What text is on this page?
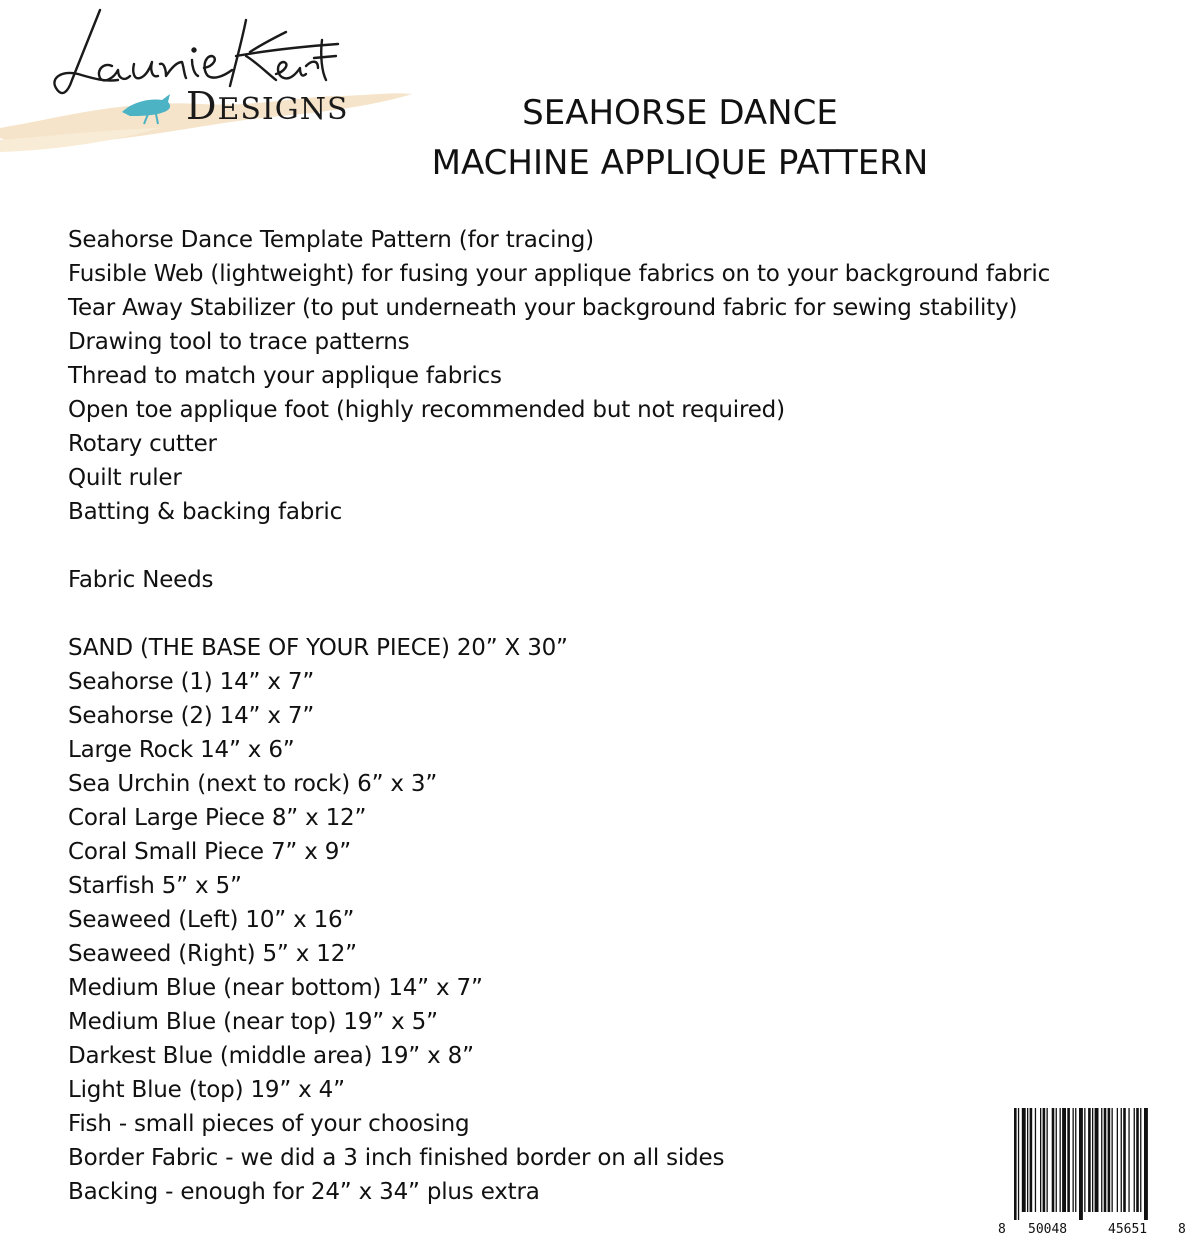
DESIGNS	SEAHORSE DANCE
MACHINE APPLIQUE PATTERN
Seahorse Dance Template Pattern (for tracing)
Fusible Web (lightweight) for fusing your applique fabrics on to your background fabric
Tear Away Stabilizer (to put underneath your background fabric for sewing stability)
Drawing tool to trace patterns
Thread to match your applique fabrics
Open toe applique foot (highly recommended but not required)
Rotary cutter
Quilt ruler
Batting & backing fabric
Fabric Needs
SAND (THE BASE OF YOUR PIECE) 20” X 30”
Seahorse (1) 14” x 7”
Seahorse (2) 14” x 7”
Large Rock 14” x 6”
Sea Urchin (next to rock) 6” x 3”
Coral Large Piece 8” x 12”
Coral Small Piece 7” x 9”
Starfish 5” x 5”
Seaweed (Left) 10” x 16”
Seaweed (Right) 5” x 12”
Medium Blue (near bottom) 14” x 7”
Medium Blue (near top) 19” x 5”
Darkest Blue (middle area) 19” x 8”
Light Blue (top) 19” x 4”
Fish - small pieces of your choosing
Border Fabric - we did a 3 inch finished border on all sides
Backing - enough for 24” x 34” plus extra
8 50048	45651 8
